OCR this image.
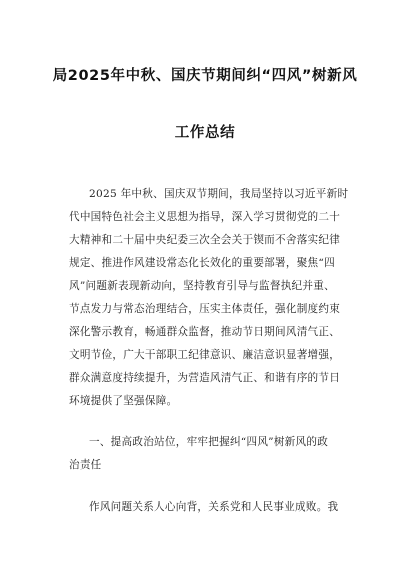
局2025年中秋、国庆节期间纠“四风”树新风
工作总结
2025 年中秋、国庆双节期间，我局坚持以习近平新时
代中国特色社会主义思想为指导，深入学习贯彻党的二十
大精神和二十届中央纪委三次全会关于锲而不舍落实纪律
规定、推进作风建设常态化长效化的重要部署，聚焦“四
风”问题新表现新动向，坚持教育引导与监督执纪并重、
节点发力与常态治理结合，压实主体责任，强化制度约束
深化警示教育，畅通群众监督，推动节日期间风清气正、
文明节俭，广大干部职工纪律意识、廉洁意识显著增强，
群众满意度持续提升，为营造风清气正、和谐有序的节日
环境提供了坚强保障。
一、提高政治站位，牢牢把握纠“四风”树新风的政
治责任
作风问题关系人心向背，关系党和人民事业成败。我
